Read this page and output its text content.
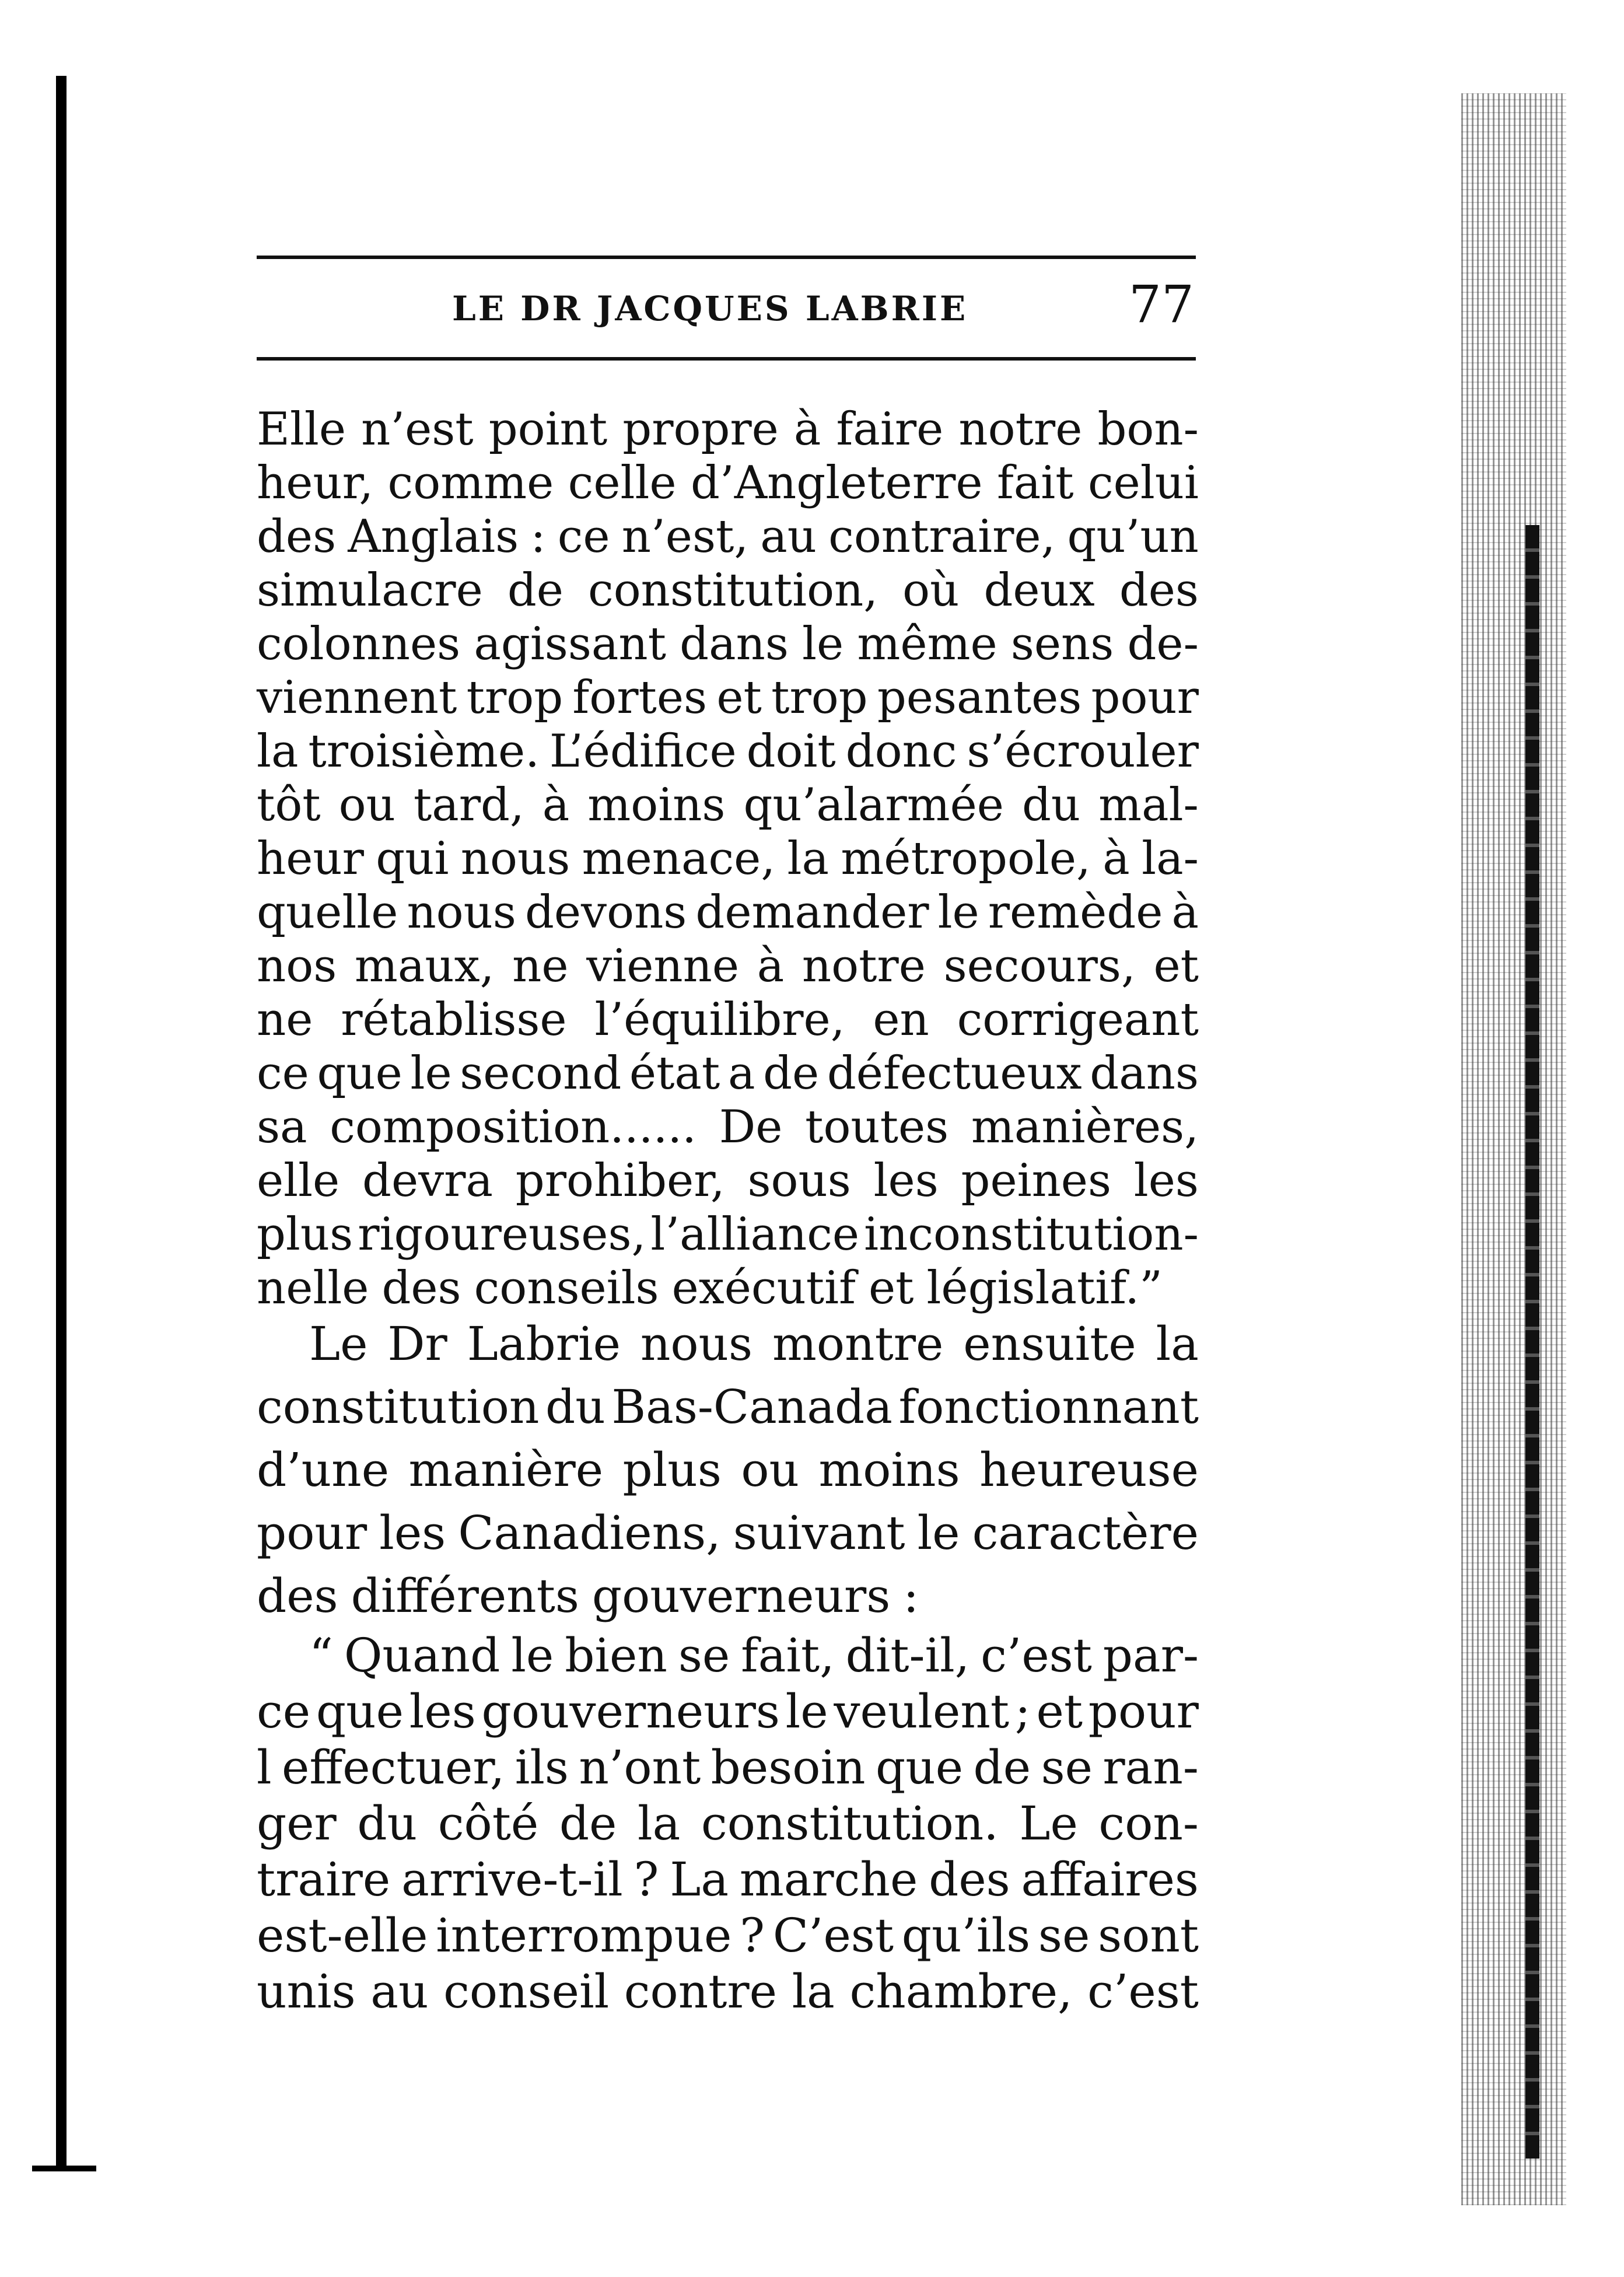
LE DR JACQUES LABRIE	77
Elle n’est point propre à faire notre bon-
heur, comme celle d’Angleterre fait celui
des Anglais : ce n’est, au contraire, qu’un
simulacre de constitution, où deux des
colonnes agissant dans le même sens de-
viennent trop fortes et trop pesantes pour
la troisième. L’édifice doit donc s’écrouler
tôt ou tard, à moins qu’alarmée du mal-
heur qui nous menace, la métropole, à la-
quelle nous devons demander le remède à
nos maux, ne vienne à notre secours, et
ne rétablisse l’équilibre, en corrigeant
ce que le second état a de défectueux dans
sa composition...... De toutes manières,
elle devra prohiber, sous les peines les
plus rigoureuses, l’alliance inconstitution-
nelle des conseils exécutif et législatif.”
Le Dr Labrie nous montre ensuite la
constitution du Bas-Canada fonctionnant
d’une manière plus ou moins heureuse
pour les Canadiens, suivant le caractère
des différents gouverneurs :
“ Quand le bien se fait, dit-il, c’est par-
ce que les gouverneurs le veulent ; et pour
l effectuer, ils n’ont besoin que de se ran-
ger du côté de la constitution. Le con-
traire arrive-t-il ? La marche des affaires
est-elle interrompue ? C’est qu’ils se sont
unis au conseil contre la chambre, c’est
